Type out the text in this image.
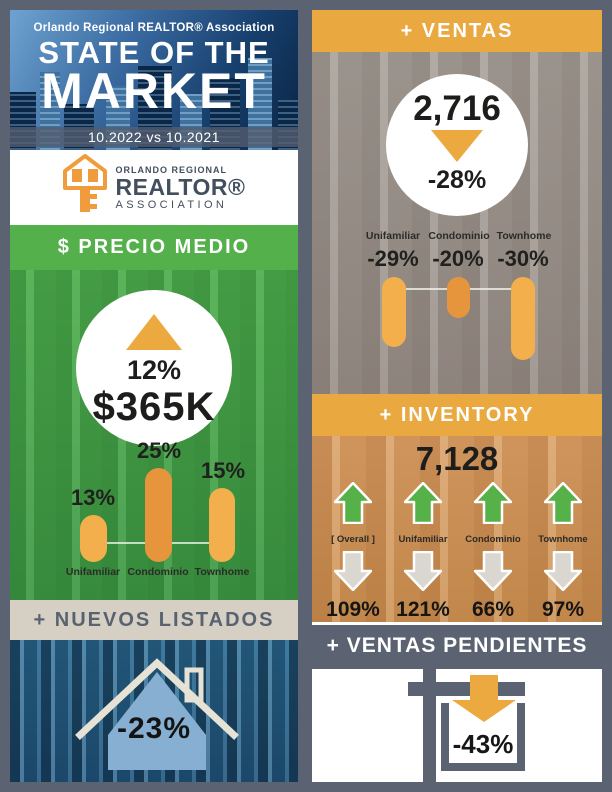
Orlando Regional REALTOR® Association
STATE OF THE
MARKET
10.2022 vs 10.2021
ORLANDO REGIONAL
REALTOR®
ASSOCIATION
$ PRECIO MEDIO
12%
$365K
13%
25%
15%
Unifamiliar Condominio Townhome
+ NUEVOS LISTADOS
-23%
+ VENTAS
2,716
-28%
Unifamiliar Condominio Townhome
-29% -20% -30%
+ INVENTORY
7,128
[ Overall ]
109%
Unifamiliar
121%
Condominio
66%
Townhome
97%
+ VENTAS PENDIENTES
-43%
